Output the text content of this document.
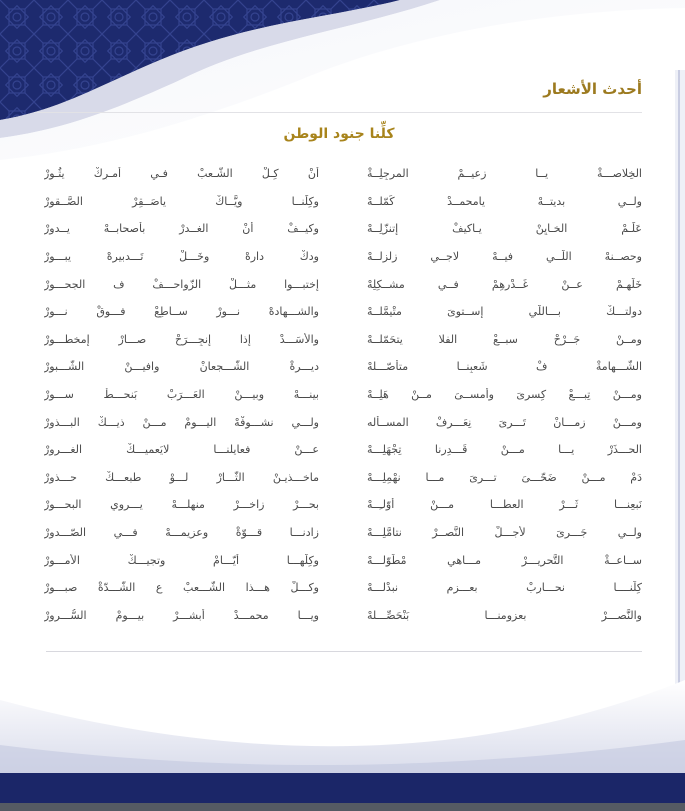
أحدث الأشعار
كلِّنا جنود الوطن
الخِلاصـــةْ يــا زعيــمْ المرجِلِــةْ
أنْ كِـلْ الشَّـعبْ فـي أمـرِكْ يثُـورْ
ولــي بديتــهْ يامحمــدْ كَمّلــهْ
وكِلِّنــا ويَّــاكْ ياصَــقِرْ الصَّــقورْ
عَلِّـمْ الخـايِنْ يـاكيفْ إتنزّلِــهْ
وكيــفْ أنْ الغــدرْ بأصحابــهْ يــدورْ
وحصــنهْ اللّــي فيــهْ لاجــي زلزلــهْ
ودكْ دارهْ وخَـــلْ تَـــدبيرهْ يبـــورْ
خَلّهِـمْ عــنْ غَــدْرهِمْ فــي مشــكِلِهْ
إختبـــوا مثـــلْ الزّواحـــفْ ف الجحـــورْ
دولتـــكْ بـــاللّي إســتوىَ متْيمَّلــهْ
والشـــهادهْ نـــورْ ســاطِعْ فـــوقْ نـــورْ
ومــنْ جَــرْحْ سبــعْ الفلا يتحَمّلــهْ
والأسَـــدْ إذا إنجِـــرَحْ صـــارْ إمخطـــورْ
الشَّـــهامةْ فْ شَعبِنــا متأصّـــلهْ
ديـــرةْ الشَّـــجعانْ وافيـــنْ الشَّـــبورْ
ومـــنْ تِبـــعْ كِسرىَ وأمســىَ مــنْ هَلِــهْ
بينـــهْ وبيـــنْ العَـــرَبْ بَنحـــطْ ســـورْ
ومـــنْ زمـــانْ تَـــرىَ نِعَـــرفْ المســأله
ولـــي نشـــوفْهْ اليـــومْ مـــنْ ذيـــكْ البـــذورْ
الحـــذَرْ يـــا مـــنْ قَـــدِرنا تِجْهَلِـــهْ
عـــنْ فعايلنـــا لايَعميـــكْ الغـــرورْ
دَمْ مـــنْ ضَحّـــىَ تـــرىَ مـــا نهْمِلِـــهْ
ماخـــذيـنْ الثّـــارْ لـــوْ طبعـــكْ حـــذورْ
نَبعِنـــا ثَـــرْ العطـــا مـــنْ أوّلـِــهْ
بحـــرْ زاخـــرْ منهلـــهْ يـــروي البحـــورْ
ولــي جَـــرىَ لأجـــلْ النَّصــرْ نتامَّلِـــهْ
زادنـــا قـــوّةْ وعزيمـــهْ فـــي الصّـــدورْ
ســاعــةْ التَّحريـــرْ مـــاهي مْطَوّلـــهْ
وكِلّهـــا أيّـــامْ وتجيـــكْ الأمـــورْ
كِلّنــــا نحـــارِبْ بعـــزمِ نبدْلـــهْ
وكـــلْ هـــذا الشَّـــعبْ ع الشَّـــدّةْ صبـــورْ
والنَّصـــرْ بعزومنـــا بَنْحَصِّـــلهْ
ويـــا محمـــدْ أبشـــرْ بيـــومْ السُّـــرورْ
